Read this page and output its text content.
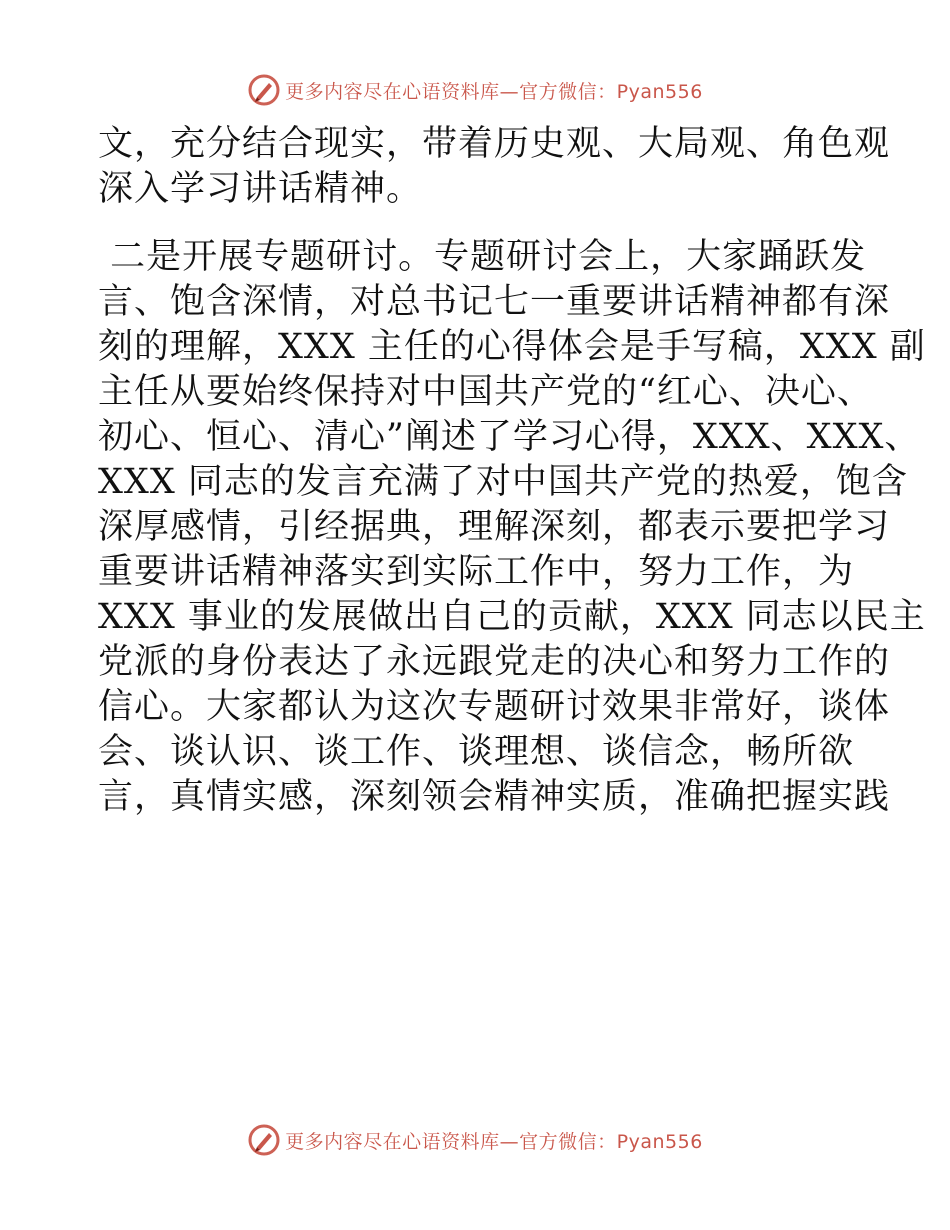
更多内容尽在心语资料库—官方微信：Pyan556
文，充分结合现实，带着历史观、大局观、角色观
深入学习讲话精神。
二是开展专题研讨。专题研讨会上，大家踊跃发
言、饱含深情，对总书记七一重要讲话精神都有深
刻的理解，XXX 主任的心得体会是手写稿，XXX 副
主任从要始终保持对中国共产党的“红心、决心、
初心、恒心、清心”阐述了学习心得，XXX、XXX、
XXX 同志的发言充满了对中国共产党的热爱，饱含
深厚感情，引经据典，理解深刻，都表示要把学习
重要讲话精神落实到实际工作中，努力工作，为
XXX 事业的发展做出自己的贡献，XXX 同志以民主
党派的身份表达了永远跟党走的决心和努力工作的
信心。大家都认为这次专题研讨效果非常好，谈体
会、谈认识、谈工作、谈理想、谈信念，畅所欲
言，真情实感，深刻领会精神实质，准确把握实践
更多内容尽在心语资料库—官方微信：Pyan556
